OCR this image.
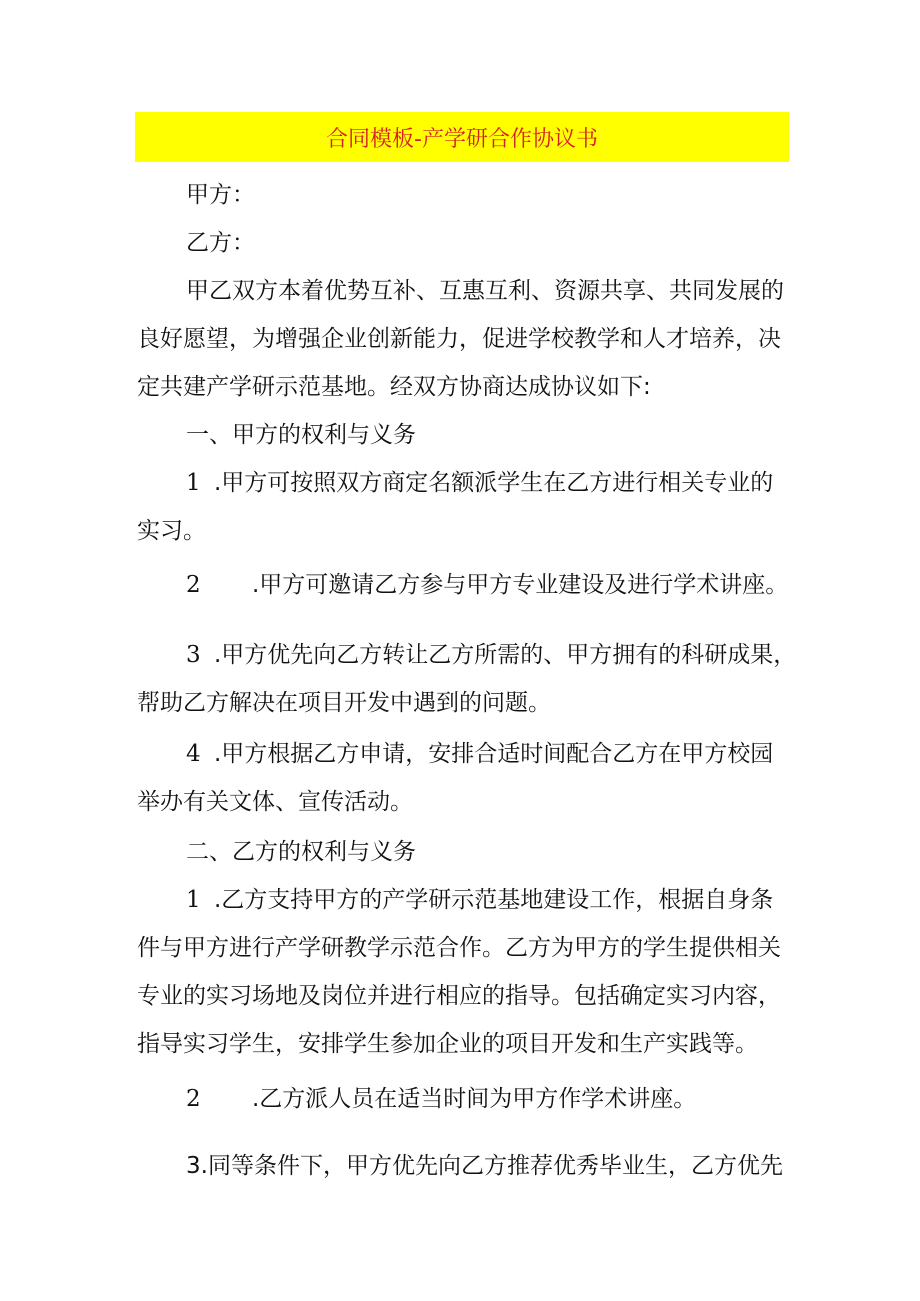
合同模板-产学研合作协议书
甲方：
乙方：
甲乙双方本着优势互补、互惠互利、资源共享、共同发展的
良好愿望，为增强企业创新能力，促进学校教学和人才培养，决
定共建产学研示范基地。经双方协商达成协议如下:
一、甲方的权利与义务
1 .甲方可按照双方商定名额派学生在乙方进行相关专业的
实习。
2 .甲方可邀请乙方参与甲方专业建设及进行学术讲座。
3 .甲方优先向乙方转让乙方所需的、甲方拥有的科研成果，
帮助乙方解决在项目开发中遇到的问题。
4 .甲方根据乙方申请，安排合适时间配合乙方在甲方校园
举办有关文体、宣传活动。
二、乙方的权利与义务
1 .乙方支持甲方的产学研示范基地建设工作，根据自身条
件与甲方进行产学研教学示范合作。乙方为甲方的学生提供相关
专业的实习场地及岗位并进行相应的指导。包括确定实习内容，
指导实习学生，安排学生参加企业的项目开发和生产实践等。
2 .乙方派人员在适当时间为甲方作学术讲座。
3.同等条件下，甲方优先向乙方推荐优秀毕业生，乙方优先
